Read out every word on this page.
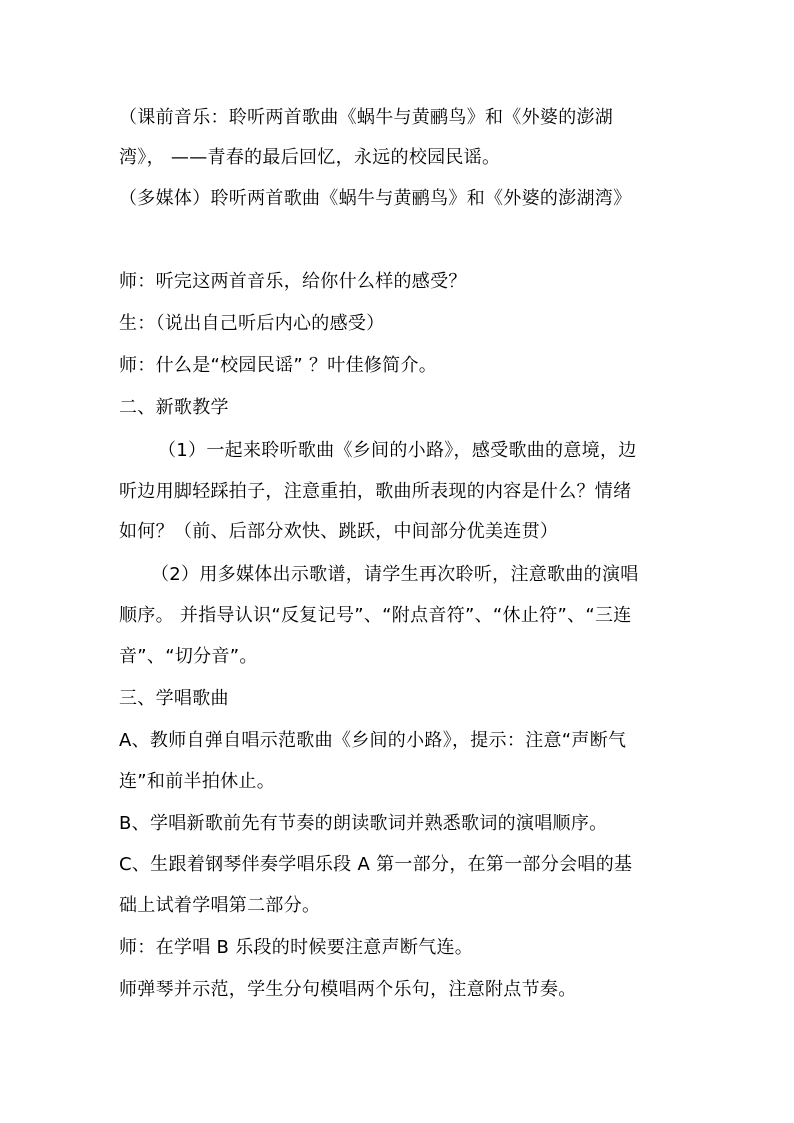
（课前音乐：聆听两首歌曲《蜗牛与黄鹂鸟》和《外婆的澎湖
湾》， ——青春的最后回忆，永远的校园民谣。
（多媒体）聆听两首歌曲《蜗牛与黄鹂鸟》和《外婆的澎湖湾》
师：听完这两首音乐，给你什么样的感受？
生：（说出自己听后内心的感受）
师：什么是“校园民谣” ？叶佳修简介。
二、新歌教学
（1）一起来聆听歌曲《乡间的小路》，感受歌曲的意境，边
听边用脚轻踩拍子，注意重拍，歌曲所表现的内容是什么？情绪
如何？（前、后部分欢快、跳跃，中间部分优美连贯）
（2）用多媒体出示歌谱，请学生再次聆听，注意歌曲的演唱
顺序。 并指导认识“反复记号”、“附点音符”、“休止符”、“三连
音”、“切分音”。
三、学唱歌曲
A、教师自弹自唱示范歌曲《乡间的小路》，提示：注意“声断气
连”和前半拍休止。
B、学唱新歌前先有节奏的朗读歌词并熟悉歌词的演唱顺序。
C、生跟着钢琴伴奏学唱乐段 A 第一部分，在第一部分会唱的基
础上试着学唱第二部分。
师：在学唱 B 乐段的时候要注意声断气连。
师弹琴并示范，学生分句模唱两个乐句，注意附点节奏。
